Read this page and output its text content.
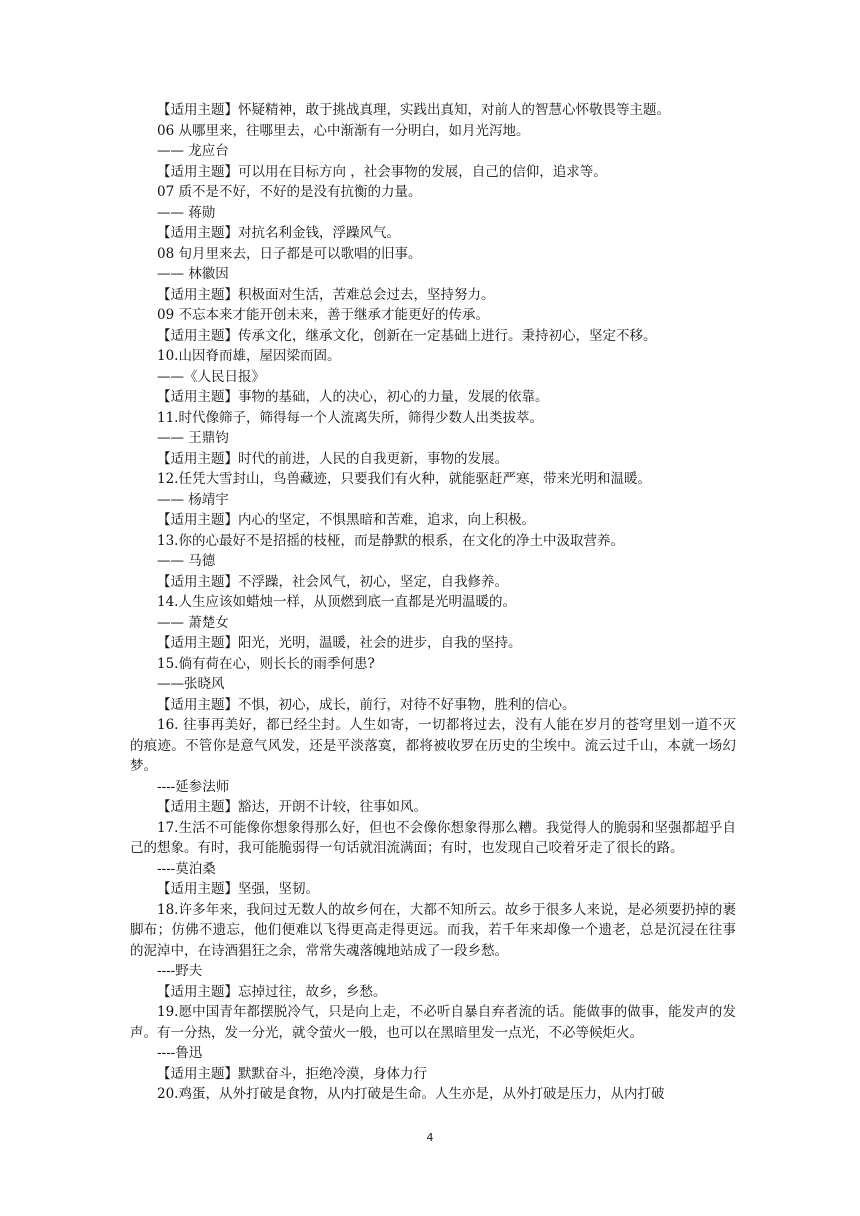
【适用主题】怀疑精神，敢于挑战真理，实践出真知，对前人的智慧心怀敬畏等主题。
06 从哪里来，往哪里去，心中渐渐有一分明白，如月光泻地。
—— 龙应台
【适用主题】可以用在目标方向 ，社会事物的发展，自己的信仰，追求等。
07 质不是不好，不好的是没有抗衡的力量。
—— 蒋勋
【适用主题】对抗名利金钱，浮躁风气。
08 旬月里来去，日子都是可以歌唱的旧事。
—— 林徽因
【适用主题】积极面对生活，苦难总会过去，坚持努力。
09 不忘本来才能开创未来，善于继承才能更好的传承。
【适用主题】传承文化，继承文化，创新在一定基础上进行。秉持初心，坚定不移。
10.山因脊而雄，屋因梁而固。
——《人民日报》
【适用主题】事物的基础，人的决心，初心的力量，发展的依靠。
11.时代像筛子，筛得每一个人流离失所，筛得少数人出类拔萃。
—— 王鼎钧
【适用主题】时代的前进，人民的自我更新，事物的发展。
12.任凭大雪封山，鸟兽藏迹，只要我们有火种，就能驱赶严寒，带来光明和温暖。
—— 杨靖宇
【适用主题】内心的坚定，不惧黑暗和苦难，追求，向上积极。
13.你的心最好不是招摇的枝桠，而是静默的根系，在文化的净土中汲取营养。
—— 马德
【适用主题】不浮躁，社会风气，初心，坚定，自我修养。
14.人生应该如蜡烛一样，从顶燃到底一直都是光明温暖的。
—— 萧楚女
【适用主题】阳光，光明，温暖，社会的进步，自我的坚持。
15.倘有荷在心，则长长的雨季何患?
——张晓风
【适用主题】不惧，初心，成长，前行，对待不好事物，胜利的信心。
16. 往事再美好，都已经尘封。人生如寄，一切都将过去，没有人能在岁月的苍穹里划一道不灭的痕迹。不管你是意气风发，还是平淡落寞，都将被收罗在历史的尘埃中。流云过千山，本就一场幻梦。
----延参法师
【适用主题】豁达，开朗不计较，往事如风。
17.生活不可能像你想象得那么好，但也不会像你想象得那么糟。我觉得人的脆弱和坚强都超乎自己的想象。有时，我可能脆弱得一句话就泪流满面；有时，也发现自己咬着牙走了很长的路。
----莫泊桑
【适用主题】坚强，坚韧。
18.许多年来，我问过无数人的故乡何在，大都不知所云。故乡于很多人来说，是必须要扔掉的裹脚布；仿佛不遗忘，他们便难以飞得更高走得更远。而我，若千年来却像一个遗老，总是沉浸在往事的泥淖中，在诗酒猖狂之余，常常失魂落魄地站成了一段乡愁。
----野夫
【适用主题】忘掉过往，故乡，乡愁。
19.愿中国青年都摆脱冷气，只是向上走，不必听自暴自弃者流的话。能做事的做事，能发声的发声。有一分热，发一分光，就令萤火一般，也可以在黑暗里发一点光，不必等候炬火。
----鲁迅
【适用主题】默默奋斗，拒绝冷漠，身体力行
20.鸡蛋，从外打破是食物，从内打破是生命。人生亦是，从外打破是压力，从内打破
4
